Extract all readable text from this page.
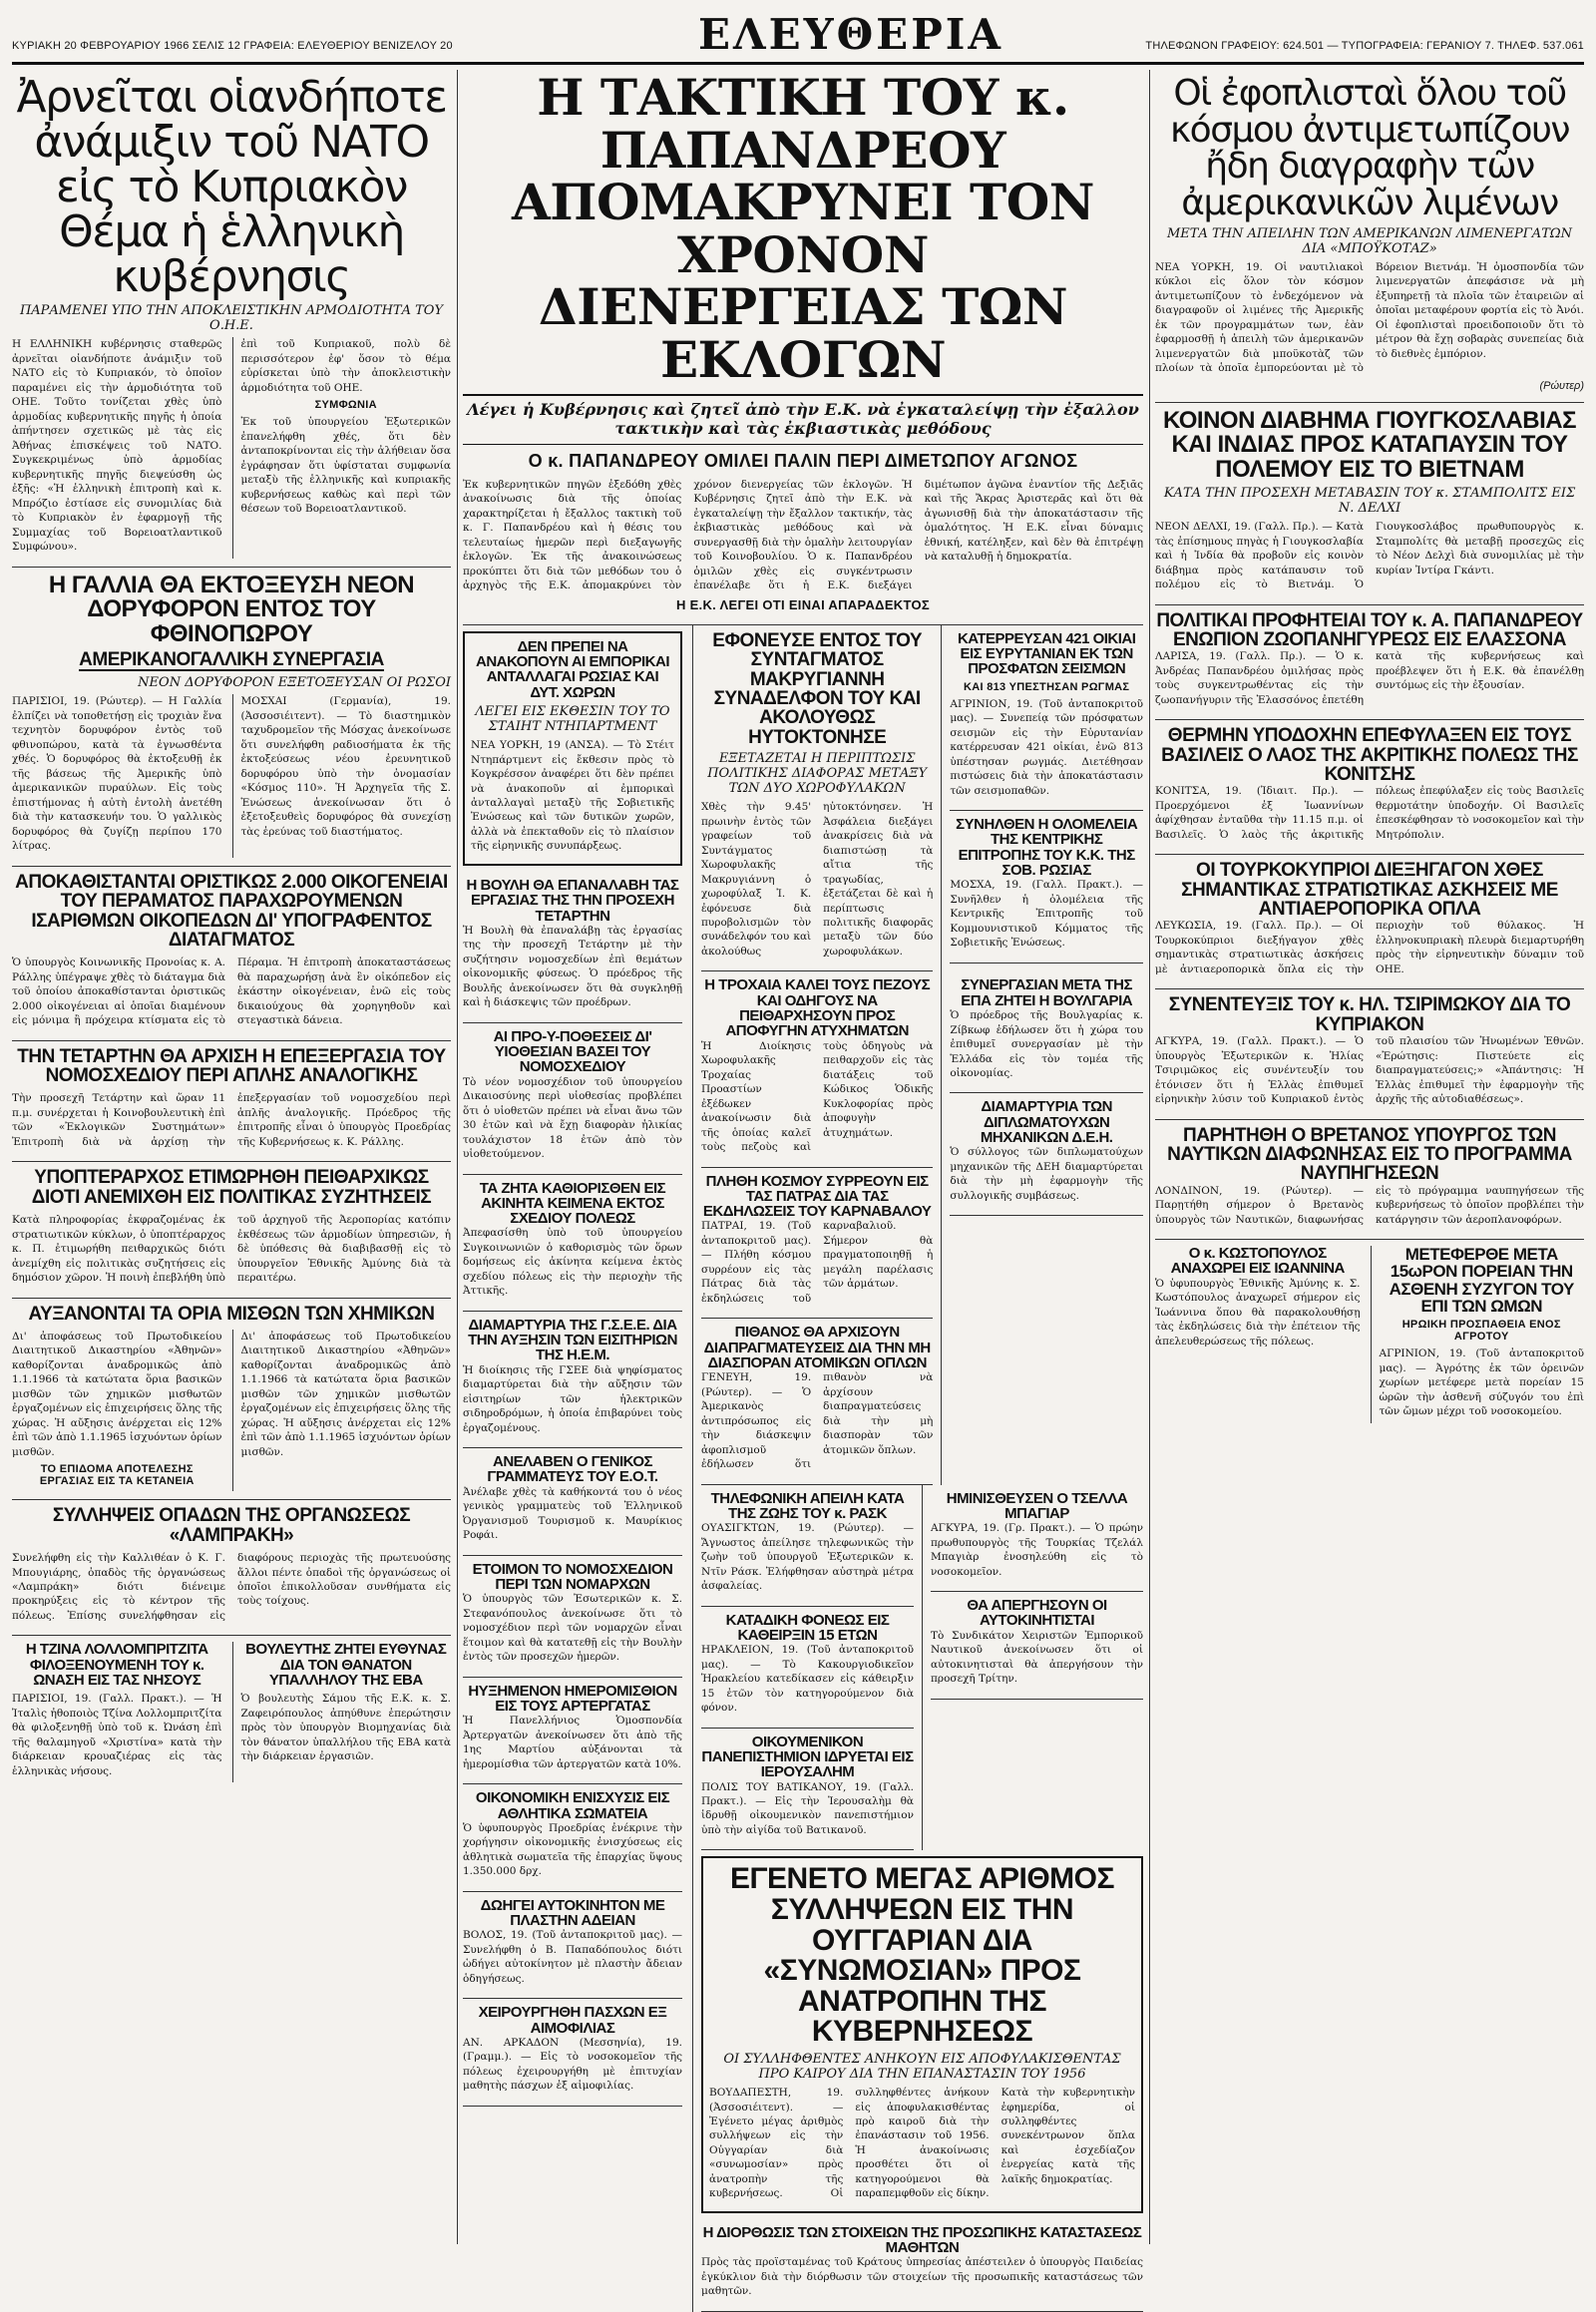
ΚΥΡΙΑΚΗ 20 ΦΕΒΡΟΥΑΡΙΟΥ 1966 ΣΕΛΙΣ 12 ΓΡΑΦΕΙΑ: ΕΛΕΥΘΕΡΙΟΥ ΒΕΝΙΖΕΛΟΥ 20	ΕΛΕΥΘΕΡΙΑ	ΤΗΛΕΦΩΝΟΝ ΓΡΑΦΕΙΟΥ: 624.501 — ΤΥΠΟΓΡΑΦΕΙΑ: ΓΕΡΑΝΙΟΥ 7. ΤΗΛΕΦ. 537.061
Ἀρνεῖται οἱανδήποτε ἀνάμιξιν τοῦ ΝΑΤΟ εἰς τὸ Κυπριακὸν Θέμα ἡ ἑλληνικὴ κυβέρνησις
ΠΑΡΑΜΕΝΕΙ ΥΠΟ ΤΗΝ ΑΠΟΚΛΕΙΣΤΙΚΗΝ ΑΡΜΟΔΙΟΤΗΤΑ ΤΟΥ Ο.Η.Ε.

Η ΕΛΛΗΝΙΚΗ κυβέρνησις σταθερῶς ἀρνεῖται οἱανδήποτε ἀνάμιξιν τοῦ ΝΑΤΟ εἰς τὸ Κυπριακόν, τὸ ὁποῖον παραμένει εἰς τὴν ἀρμοδιότητα τοῦ ΟΗΕ. Τοῦτο τονίζεται χθὲς ὑπὸ ἁρμοδίας κυβερνητικῆς πηγῆς ἡ ὁποία ἀπήντησεν σχετικῶς μὲ τὰς εἰς Ἀθήνας ἐπισκέψεις τοῦ ΝΑΤΟ. Συγκεκριμένως ὑπὸ ἁρμοδίας κυβερνητικῆς πηγῆς διεψεύσθη ὡς ἐξῆς: «Ἡ ἑλληνικὴ ἐπιτροπὴ καὶ κ. Μπρόζιο ἐστίασε εἰς συνομιλίας διὰ τὸ Κυπριακὸν ἐν ἐφαρμογῇ τῆς Συμμαχίας τοῦ Βορειοατλαντικοῦ Συμφώνου».

ἐπὶ τοῦ Κυπριακοῦ, πολὺ δὲ περισσότερον ἐφ' ὅσον τὸ θέμα εὑρίσκεται ὑπὸ τὴν ἀποκλειστικὴν ἁρμοδιότητα τοῦ ΟΗΕ.

ΣΥΜΦΩΝΙΑ

Ἐκ τοῦ ὑπουργείου Ἐξωτερικῶν ἐπανελήφθη χθές, ὅτι δὲν ἀνταποκρίνονται εἰς τὴν ἀλήθειαν ὅσα ἐγράφησαν ὅτι ὑφίσταται συμφωνία μεταξὺ τῆς ἑλληνικῆς καὶ κυπριακῆς κυβερνήσεως καθὼς καὶ περὶ τῶν θέσεων τοῦ Βορειοατλαντικοῦ.

Η ΓΑΛΛΙΑ ΘΑ ΕΚΤΟΞΕΥΣΗ ΝΕΟΝ ΔΟΡΥΦΟΡΟΝ ΕΝΤΟΣ ΤΟΥ ΦΘΙΝΟΠΩΡΟΥ
ΑΜΕΡΙΚΑΝΟΓΑΛΛΙΚΗ ΣΥΝΕΡΓΑΣΙΑ
ΝΕΟΝ ΔΟΡΥΦΟΡΟΝ ΕΞΕΤΟΞΕΥΣΑΝ ΟΙ ΡΩΣΟΙ

ΠΑΡΙΣΙΟΙ, 19. (Ρώυτερ). — Η Γαλλία ἐλπίζει νὰ τοποθετήσῃ εἰς τροχιὰν ἕνα τεχνητὸν δορυφόρον ἐντὸς τοῦ φθινοπώρου, κατὰ τὰ ἐγνωσθέντα χθές. Ὁ δορυφόρος θὰ ἐκτοξευθῇ ἐκ τῆς βάσεως τῆς Ἀμερικῆς ὑπὸ ἀμερικανικῶν πυραύλων. Εἰς τοὺς ἐπιστήμονας ἡ αὐτὴ ἐντολὴ ἀνετέθη διὰ τὴν κατασκευήν του. Ὁ γαλλικὸς δορυφόρος θὰ ζυγίζῃ περίπου 170 λίτρας.

ΜΟΣΧΑΙ (Γερμανία), 19. (Ἀσσοσιέιτεντ). — Τὸ διαστημικὸν ταχυδρομεῖον τῆς Μόσχας ἀνεκοίνωσε ὅτι συνελήφθη ραδιοσήματα ἐκ τῆς ἐκτοξεύσεως νέου ἐρευνητικοῦ δορυφόρου ὑπὸ τὴν ὀνομασίαν «Κόσμος 110». Ἡ Ἀρχηγεῖα τῆς Σ. Ἑνώσεως ἀνεκοίνωσαν ὅτι ὁ ἐξετοξευθεὶς δορυφόρος θὰ συνεχίσῃ τὰς ἐρεύνας τοῦ διαστήματος.

ΑΠΟΚΑΘΙΣΤΑΝΤΑΙ ΟΡΙΣΤΙΚΩΣ 2.000 ΟΙΚΟΓΕΝΕΙΑΙ ΤΟΥ ΠΕΡΑΜΑΤΟΣ ΠΑΡΑΧΩΡΟΥΜΕΝΩΝ ΙΣΑΡΙΘΜΩΝ ΟΙΚΟΠΕΔΩΝ ΔΙ' ΥΠΟΓΡΑΦΕΝΤΟΣ ΔΙΑΤΑΓΜΑΤΟΣ

Ὁ ὑπουργὸς Κοινωνικῆς Προνοίας κ. Α. Ράλλης ὑπέγραψε χθὲς τὸ διάταγμα διὰ τοῦ ὁποίου ἀποκαθίστανται ὁριστικῶς 2.000 οἰκογένειαι αἱ ὁποῖαι διαμένουν εἰς μόνιμα ἢ πρόχειρα κτίσματα εἰς τὸ Πέραμα. Ἡ ἐπιτροπὴ ἀποκαταστάσεως θὰ παραχωρήσῃ ἀνὰ ἓν οἰκόπεδον εἰς ἑκάστην οἰκογένειαν, ἐνῶ εἰς τοὺς δικαιούχους θὰ χορηγηθοῦν καὶ στεγαστικὰ δάνεια.

ΤΗΝ ΤΕΤΑΡΤΗΝ ΘΑ ΑΡΧΙΣΗ Η ΕΠΕΞΕΡΓΑΣΙΑ ΤΟΥ ΝΟΜΟΣΧΕΔΙΟΥ ΠΕΡΙ ΑΠΛΗΣ ΑΝΑΛΟΓΙΚΗΣ

Τὴν προσεχῆ Τετάρτην καὶ ὥραν 11 π.μ. συνέρχεται ἡ Κοινοβουλευτικὴ ἐπὶ τῶν «Ἐκλογικῶν Συστημάτων» Ἐπιτροπὴ διὰ νὰ ἀρχίσῃ τὴν ἐπεξεργασίαν τοῦ νομοσχεδίου περὶ ἁπλῆς ἀναλογικῆς. Πρόεδρος τῆς ἐπιτροπῆς εἶναι ὁ ὑπουργὸς Προεδρίας τῆς Κυβερνήσεως κ. Κ. Ράλλης.

ΥΠΟΠΤΕΡΑΡΧΟΣ ΕΤΙΜΩΡΗΘΗ ΠΕΙΘΑΡΧΙΚΩΣ ΔΙΟΤΙ ΑΝΕΜΙΧΘΗ ΕΙΣ ΠΟΛΙΤΙΚΑΣ ΣΥΖΗΤΗΣΕΙΣ

Κατὰ πληροφορίας ἐκφραζομένας ἐκ στρατιωτικῶν κύκλων, ὁ ὑποπτέραρχος κ. Π. ἐτιμωρήθη πειθαρχικῶς διότι ἀνεμίχθη εἰς πολιτικὰς συζητήσεις εἰς δημόσιον χῶρον. Ἡ ποινὴ ἐπεβλήθη ὑπὸ τοῦ ἀρχηγοῦ τῆς Ἀεροπορίας κατόπιν ἐκθέσεως τῶν ἁρμοδίων ὑπηρεσιῶν, ἡ δὲ ὑπόθεσις θὰ διαβιβασθῇ εἰς τὸ ὑπουργεῖον Ἐθνικῆς Ἀμύνης διὰ τὰ περαιτέρω.

ΑΥΞΑΝΟΝΤΑΙ ΤΑ ΟΡΙΑ ΜΙΣΘΩΝ ΤΩΝ ΧΗΜΙΚΩΝ

Δι' ἀποφάσεως τοῦ Πρωτοδικείου Διαιτητικοῦ Δικαστηρίου «Ἀθηνῶν» καθορίζονται ἀναδρομικῶς ἀπὸ 1.1.1966 τὰ κατώτατα ὅρια βασικῶν μισθῶν τῶν χημικῶν μισθωτῶν ἐργαζομένων εἰς ἐπιχειρήσεις ὅλης τῆς χώρας. Ἡ αὔξησις ἀνέρχεται εἰς 12% ἐπὶ τῶν ἀπὸ 1.1.1965 ἰσχυόντων ὁρίων μισθῶν.

ΤΟ ΕΠΙΔΟΜΑ ΑΠΟΤΕΛΕΣΗΣ ΕΡΓΑΣΙΑΣ ΕΙΣ ΤΑ ΚΕΤΑΝΕΙΑ

Δι' ἀποφάσεως τοῦ Πρωτοδικείου Διαιτητικοῦ Δικαστηρίου «Ἀθηνῶν» καθορίζονται ἀναδρομικῶς ἀπὸ 1.1.1966 τὰ κατώτατα ὅρια βασικῶν μισθῶν τῶν χημικῶν μισθωτῶν ἐργαζομένων εἰς ἐπιχειρήσεις ὅλης τῆς χώρας. Ἡ αὔξησις ἀνέρχεται εἰς 12% ἐπὶ τῶν ἀπὸ 1.1.1965 ἰσχυόντων ὁρίων μισθῶν.

ΣΥΛΛΗΨΕΙΣ ΟΠΑΔΩΝ ΤΗΣ ΟΡΓΑΝΩΣΕΩΣ «ΛΑΜΠΡΑΚΗ»

Συνελήφθη εἰς τὴν Καλλιθέαν ὁ Κ. Γ. Μπουγιάρης, ὀπαδὸς τῆς ὀργανώσεως «Λαμπράκη» διότι διένειμε προκηρύξεις εἰς τὸ κέντρον τῆς πόλεως. Ἐπίσης συνελήφθησαν εἰς διαφόρους περιοχὰς τῆς πρωτευούσης ἄλλοι πέντε ὀπαδοὶ τῆς ὀργανώσεως οἱ ὁποῖοι ἐπικολλοῦσαν συνθήματα εἰς τοὺς τοίχους.

Η ΤΖΙΝΑ ΛΟΛΛΟΜΠΡΙΤΖΙΤΑ ΦΙΛΟΞΕΝΟΥΜΕΝΗ ΤΟΥ κ. ΩΝΑΣΗ ΕΙΣ ΤΑΣ ΝΗΣΟΥΣ

ΠΑΡΙΣΙΟΙ, 19. (Γαλλ. Πρακτ.). — Ἡ Ἰταλὶς ἠθοποιὸς Τζίνα Λολλομπριτζίτα θὰ φιλοξενηθῇ ὑπὸ τοῦ κ. Ὠνάση ἐπὶ τῆς θαλαμηγοῦ «Χριστίνα» κατὰ τὴν διάρκειαν κρουαζιέρας εἰς τὰς ἑλληνικὰς νήσους.

ΒΟΥΛΕΥΤΗΣ ΖΗΤΕΙ ΕΥΘΥΝΑΣ ΔΙΑ ΤΟΝ ΘΑΝΑΤΟΝ ΥΠΑΛΛΗΛΟΥ ΤΗΣ ΕΒΑ

Ὁ βουλευτὴς Σάμου τῆς Ε.Κ. κ. Σ. Ζαφειρόπουλος ἀπηύθυνε ἐπερώτησιν πρὸς τὸν ὑπουργὸν Βιομηχανίας διὰ τὸν θάνατον ὑπαλλήλου τῆς ΕΒΑ κατὰ τὴν διάρκειαν ἐργασιῶν.

Η ΤΑΚΤΙΚΗ ΤΟΥ κ. ΠΑΠΑΝΔΡΕΟΥ
ΑΠΟΜΑΚΡΥΝΕΙ ΤΟΝ ΧΡΟΝΟΝ
ΔΙΕΝΕΡΓΕΙΑΣ ΤΩΝ ΕΚΛΟΓΩΝ
Λέγει ἡ Κυβέρνησις καὶ ζητεῖ ἀπὸ τὴν Ε.Κ. νὰ ἐγκαταλείψῃ τὴν ἐξαλλον τακτικὴν καὶ τὰς ἐκβιαστικὰς μεθόδους
Ο κ. ΠΑΠΑΝΔΡΕΟΥ ΟΜΙΛΕΙ ΠΑΛΙΝ ΠΕΡΙ ΔΙΜΕΤΩΠΟΥ ΑΓΩΝΟΣ

Ἐκ κυβερνητικῶν πηγῶν ἐξεδόθη χθὲς ἀνακοίνωσις διὰ τῆς ὁποίας χαρακτηρίζεται ἡ ἔξαλλος τακτικὴ τοῦ κ. Γ. Παπανδρέου καὶ ἡ θέσις του τελευταίως ἡμερῶν περὶ διεξαγωγῆς ἐκλογῶν. Ἐκ τῆς ἀνακοινώσεως προκύπτει ὅτι διὰ τῶν μεθόδων του ὁ ἀρχηγὸς τῆς Ε.Κ. ἀπομακρύνει τὸν χρόνον διενεργείας τῶν ἐκλογῶν. Ἡ Κυβέρνησις ζητεῖ ἀπὸ τὴν Ε.Κ. νὰ ἐγκαταλείψῃ τὴν ἔξαλλον τακτικήν, τὰς ἐκβιαστικὰς μεθόδους καὶ νὰ συνεργασθῇ διὰ τὴν ὁμαλὴν λειτουργίαν τοῦ Κοινοβουλίου. Ὁ κ. Παπανδρέου ὁμιλῶν χθὲς εἰς συγκέντρωσιν ἐπανέλαβε ὅτι ἡ Ε.Κ. διεξάγει διμέτωπον ἀγῶνα ἐναντίον τῆς Δεξιᾶς καὶ τῆς Ἄκρας Ἀριστερᾶς καὶ ὅτι θὰ ἀγωνισθῇ διὰ τὴν ἀποκατάστασιν τῆς ὁμαλότητος. Ἡ Ε.Κ. εἶναι δύναμις ἐθνική, κατέληξεν, καὶ δὲν θὰ ἐπιτρέψῃ νὰ καταλυθῇ ἡ δημοκρατία.

Η Ε.Κ. ΛΕΓΕΙ ΟΤΙ ΕΙΝΑΙ ΑΠΑΡΑΔΕΚΤΟΣ
ΔΕΝ ΠΡΕΠΕΙ ΝΑ ΑΝΑΚΟΠΟΥΝ ΑΙ ΕΜΠΟΡΙΚΑΙ ΑΝΤΑΛΛΑΓΑΙ ΡΩΣΙΑΣ ΚΑΙ ΔΥΤ. ΧΩΡΩΝ
ΛΕΓΕΙ ΕΙΣ ΕΚΘΕΣΙΝ ΤΟΥ ΤΟ ΣΤΑΙΗΤ ΝΤΗΠΑΡΤΜΕΝΤ

ΝΕΑ ΥΟΡΚΗ, 19 (ΑΝΣΑ). — Τὸ Στέιτ Ντηπάρτμεντ εἰς ἔκθεσιν πρὸς τὸ Κογκρέσσον ἀναφέρει ὅτι δὲν πρέπει νὰ ἀνακοποῦν αἱ ἐμπορικαὶ ἀνταλλαγαὶ μεταξὺ τῆς Σοβιετικῆς Ἑνώσεως καὶ τῶν δυτικῶν χωρῶν, ἀλλὰ νὰ ἐπεκταθοῦν εἰς τὸ πλαίσιον τῆς εἰρηνικῆς συνυπάρξεως.

Η ΒΟΥΛΗ ΘΑ ΕΠΑΝΑΛΑΒΗ ΤΑΣ ΕΡΓΑΣΙΑΣ ΤΗΣ ΤΗΝ ΠΡΟΣΕΧΗ ΤΕΤΑΡΤΗΝ

Ἡ Βουλὴ θὰ ἐπαναλάβῃ τὰς ἐργασίας της τὴν προσεχῆ Τετάρτην μὲ τὴν συζήτησιν νομοσχεδίων ἐπὶ θεμάτων οἰκονομικῆς φύσεως. Ὁ πρόεδρος τῆς Βουλῆς ἀνεκοίνωσεν ὅτι θὰ συγκληθῇ καὶ ἡ διάσκεψις τῶν προέδρων.

ΑΙ ΠΡΟ-Υ-ΠΟΘΕΣΕΙΣ ΔΙ' ΥΙΟΘΕΣΙΑΝ ΒΑΣΕΙ ΤΟΥ ΝΟΜΟΣΧΕΔΙΟΥ

Τὸ νέον νομοσχέδιον τοῦ ὑπουργείου Δικαιοσύνης περὶ υἱοθεσίας προβλέπει ὅτι ὁ υἱοθετῶν πρέπει νὰ εἶναι ἄνω τῶν 30 ἐτῶν καὶ νὰ ἔχῃ διαφορὰν ἡλικίας τουλάχιστον 18 ἐτῶν ἀπὸ τὸν υἱοθετούμενον.

ΤΑ ΖΗΤΑ ΚΑΘΙΟΡΙΣΘΕΝ ΕΙΣ ΑΚΙΝΗΤΑ ΚΕΙΜΕΝΑ ΕΚΤΟΣ ΣΧΕΔΙΟΥ ΠΟΛΕΩΣ

Ἀπεφασίσθη ὑπὸ τοῦ ὑπουργείου Συγκοινωνιῶν ὁ καθορισμὸς τῶν ὅρων δομήσεως εἰς ἀκίνητα κείμενα ἐκτὸς σχεδίου πόλεως εἰς τὴν περιοχὴν τῆς Ἀττικῆς.

ΔΙΑΜΑΡΤΥΡΙΑ ΤΗΣ Γ.Σ.Ε.Ε. ΔΙΑ ΤΗΝ ΑΥΞΗΣΙΝ ΤΩΝ ΕΙΣΙΤΗΡΙΩΝ ΤΗΣ Η.Ε.Μ.

Ἡ διοίκησις τῆς ΓΣΕΕ διὰ ψηφίσματος διαμαρτύρεται διὰ τὴν αὔξησιν τῶν εἰσιτηρίων τῶν ἠλεκτρικῶν σιδηροδρόμων, ἡ ὁποία ἐπιβαρύνει τοὺς ἐργαζομένους.

ΑΝΕΛΑΒΕΝ Ο ΓΕΝΙΚΟΣ ΓΡΑΜΜΑΤΕΥΣ ΤΟΥ Ε.Ο.Τ.

Ἀνέλαβε χθὲς τὰ καθήκοντά του ὁ νέος γενικὸς γραμματεὺς τοῦ Ἑλληνικοῦ Ὀργανισμοῦ Τουρισμοῦ κ. Μαυρίκιος Ροφάι.

ΕΤΟΙΜΟΝ ΤΟ ΝΟΜΟΣΧΕΔΙΟΝ ΠΕΡΙ ΤΩΝ ΝΟΜΑΡΧΩΝ

Ὁ ὑπουργὸς τῶν Ἐσωτερικῶν κ. Σ. Στεφανόπουλος ἀνεκοίνωσε ὅτι τὸ νομοσχέδιον περὶ τῶν νομαρχῶν εἶναι ἕτοιμον καὶ θὰ κατατεθῇ εἰς τὴν Βουλὴν ἐντὸς τῶν προσεχῶν ἡμερῶν.

ΗΥΞΗΜΕΝΟΝ ΗΜΕΡΟΜΙΣΘΙΟΝ ΕΙΣ ΤΟΥΣ ΑΡΤΕΡΓΑΤΑΣ

Ἡ Πανελλήνιος Ὁμοσπονδία Ἀρτεργατῶν ἀνεκοίνωσεν ὅτι ἀπὸ τῆς 1ης Μαρτίου αὐξάνονται τὰ ἡμερομίσθια τῶν ἀρτεργατῶν κατὰ 10%.

ΟΙΚΟΝΟΜΙΚΗ ΕΝΙΣΧΥΣΙΣ ΕΙΣ ΑΘΛΗΤΙΚΑ ΣΩΜΑΤΕΙΑ

Ὁ ὑφυπουργὸς Προεδρίας ἐνέκρινε τὴν χορήγησιν οἰκονομικῆς ἐνισχύσεως εἰς ἀθλητικὰ σωματεῖα τῆς ἐπαρχίας ὕψους 1.350.000 δρχ.

ΔΩΗΓΕΙ ΑΥΤΟΚΙΝΗΤΟΝ ΜΕ ΠΛΑΣΤΗΝ ΑΔΕΙΑΝ

ΒΟΛΟΣ, 19. (Τοῦ ἀνταποκριτοῦ μας). — Συνελήφθη ὁ Β. Παπαδόπουλος διότι ὡδήγει αὐτοκίνητον μὲ πλαστὴν ἄδειαν ὁδηγήσεως.

ΧΕΙΡΟΥΡΓΗΘΗ ΠΑΣΧΩΝ ΕΞ ΑΙΜΟΦΙΛΙΑΣ

ΑΝ. ΑΡΚΑΔΟΝ (Μεσσηνία), 19. (Γραμμ.). — Εἰς τὸ νοσοκομεῖον τῆς πόλεως ἐχειρουργήθη μὲ ἐπιτυχίαν μαθητὴς πάσχων ἐξ αἱμοφιλίας.

ΕΦΟΝΕΥΣΕ ΕΝΤΟΣ ΤΟΥ ΣΥΝΤΑΓΜΑΤΟΣ ΜΑΚΡΥΓΙΑΝΝΗ ΣΥΝΑΔΕΛΦΟΝ ΤΟΥ ΚΑΙ ΑΚΟΛΟΥΘΩΣ ΗΥΤΟΚΤΟΝΗΣΕ
ΕΞΕΤΑΖΕΤΑΙ Η ΠΕΡΙΠΤΩΣΙΣ ΠΟΛΙΤΙΚΗΣ ΔΙΑΦΟΡΑΣ ΜΕΤΑΞΥ ΤΩΝ ΔΥΟ ΧΩΡΟΦΥΛΑΚΩΝ

Χθὲς τὴν 9.45' πρωινὴν ἐντὸς τῶν γραφείων τοῦ Συντάγματος Χωροφυλακῆς Μακρυγιάννη ὁ χωροφύλαξ Ἰ. Κ. ἐφόνευσε διὰ πυροβολισμῶν τὸν συνάδελφόν του καὶ ἀκολούθως ηὐτοκτόνησεν. Ἡ Ἀσφάλεια διεξάγει ἀνακρίσεις διὰ νὰ διαπιστώσῃ τὰ αἴτια τῆς τραγωδίας, ἐξετάζεται δὲ καὶ ἡ περίπτωσις πολιτικῆς διαφορᾶς μεταξὺ τῶν δύο χωροφυλάκων.

ΚΑΤΕΡΡΕΥΣΑΝ 421 ΟΙΚΙΑΙ ΕΙΣ ΕΥΡΥΤΑΝΙΑΝ ΕΚ ΤΩΝ ΠΡΟΣΦΑΤΩΝ ΣΕΙΣΜΩΝ
ΚΑΙ 813 ΥΠΕΣΤΗΣΑΝ ΡΩΓΜΑΣ

ΑΓΡΙΝΙΟΝ, 19. (Τοῦ ἀνταποκριτοῦ μας). — Συνεπείᾳ τῶν πρόσφατων σεισμῶν εἰς τὴν Εὐρυτανίαν κατέρρευσαν 421 οἰκίαι, ἐνῶ 813 ὑπέστησαν ρωγμάς. Διετέθησαν πιστώσεις διὰ τὴν ἀποκατάστασιν τῶν σεισμοπαθῶν.

ΣΥΝΗΛΘΕΝ Η ΟΛΟΜΕΛΕΙΑ ΤΗΣ ΚΕΝΤΡΙΚΗΣ ΕΠΙΤΡΟΠΗΣ ΤΟΥ Κ.Κ. ΤΗΣ ΣΟΒ. ΡΩΣΙΑΣ

ΜΟΣΧΑ, 19. (Γαλλ. Πρακτ.). — Συνῆλθεν ἡ ὀλομέλεια τῆς Κεντρικῆς Ἐπιτροπῆς τοῦ Κομμουνιστικοῦ Κόμματος τῆς Σοβιετικῆς Ἑνώσεως.

Η ΤΡΟΧΑΙΑ ΚΑΛΕΙ ΤΟΥΣ ΠΕΖΟΥΣ ΚΑΙ ΟΔΗΓΟΥΣ ΝΑ ΠΕΙΘΑΡΧΗΣΟΥΝ ΠΡΟΣ ΑΠΟΦΥΓΗΝ ΑΤΥΧΗΜΑΤΩΝ

Ἡ Διοίκησις Χωροφυλακῆς Τροχαίας Προαστίων ἐξέδωκεν ἀνακοίνωσιν διὰ τῆς ὁποίας καλεῖ τοὺς πεζοὺς καὶ τοὺς ὁδηγοὺς νὰ πειθαρχοῦν εἰς τὰς διατάξεις τοῦ Κώδικος Ὁδικῆς Κυκλοφορίας πρὸς ἀποφυγὴν ἀτυχημάτων.

ΠΛΗΘΗ ΚΟΣΜΟΥ ΣΥΡΡΕΟΥΝ ΕΙΣ ΤΑΣ ΠΑΤΡΑΣ ΔΙΑ ΤΑΣ ΕΚΔΗΛΩΣΕΙΣ ΤΟΥ ΚΑΡΝΑΒΑΛΟΥ

ΠΑΤΡΑΙ, 19. (Τοῦ ἀνταποκριτοῦ μας). — Πλήθη κόσμου συρρέουν εἰς τὰς Πάτρας διὰ τὰς ἐκδηλώσεις τοῦ καρναβαλιοῦ. Σήμερον θὰ πραγματοποιηθῇ ἡ μεγάλη παρέλασις τῶν ἁρμάτων.

ΠΙΘΑΝΟΣ ΘΑ ΑΡΧΙΣΟΥΝ ΔΙΑΠΡΑΓΜΑΤΕΥΣΕΙΣ ΔΙΑ ΤΗΝ ΜΗ ΔΙΑΣΠΟΡΑΝ ΑΤΟΜΙΚΩΝ ΟΠΛΩΝ

ΓΕΝΕΥΗ, 19. (Ρώυτερ). — Ὁ Ἀμερικανὸς ἀντιπρόσωπος εἰς τὴν διάσκεψιν ἀφοπλισμοῦ ἐδήλωσεν ὅτι πιθανὸν νὰ ἀρχίσουν διαπραγματεύσεις διὰ τὴν μὴ διασπορὰν τῶν ἀτομικῶν ὅπλων.

ΣΥΝΕΡΓΑΣΙΑΝ ΜΕΤΑ ΤΗΣ ΕΠΑ ΖΗΤΕΙ Η ΒΟΥΛΓΑΡΙΑ

Ὁ πρόεδρος τῆς Βουλγαρίας κ. Ζίβκωφ ἐδήλωσεν ὅτι ἡ χώρα του ἐπιθυμεῖ συνεργασίαν μὲ τὴν Ἑλλάδα εἰς τὸν τομέα τῆς οἰκονομίας.

ΔΙΑΜΑΡΤΥΡΙΑ ΤΩΝ ΔΙΠΛΩΜΑΤΟΥΧΩΝ ΜΗΧΑΝΙΚΩΝ Δ.Ε.Η.

Ὁ σύλλογος τῶν διπλωματούχων μηχανικῶν τῆς ΔΕΗ διαμαρτύρεται διὰ τὴν μὴ ἐφαρμογὴν τῆς συλλογικῆς συμβάσεως.

ΤΗΛΕΦΩΝΙΚΗ ΑΠΕΙΛΗ ΚΑΤΑ ΤΗΣ ΖΩΗΣ ΤΟΥ κ. ΡΑΣΚ

ΟΥΑΣΙΓΚΤΩΝ, 19. (Ρώυτερ). — Ἄγνωστος ἀπείλησε τηλεφωνικῶς τὴν ζωὴν τοῦ ὑπουργοῦ Ἐξωτερικῶν κ. Ντῖν Ράσκ. Ἐλήφθησαν αὐστηρὰ μέτρα ἀσφαλείας.

ΚΑΤΑΔΙΚΗ ΦΟΝΕΩΣ ΕΙΣ ΚΑΘΕΙΡΞΙΝ 15 ΕΤΩΝ

ΗΡΑΚΛΕΙΟΝ, 19. (Τοῦ ἀνταποκριτοῦ μας). — Τὸ Κακουργιοδικεῖον Ἡρακλείου κατεδίκασεν εἰς κάθειρξιν 15 ἐτῶν τὸν κατηγορούμενον διὰ φόνον.

ΟΙΚΟΥΜΕΝΙΚΟΝ ΠΑΝΕΠΙΣΤΗΜΙΟΝ ΙΔΡΥΕΤΑΙ ΕΙΣ ΙΕΡΟΥΣΑΛΗΜ

ΠΟΛΙΣ ΤΟΥ ΒΑΤΙΚΑΝΟΥ, 19. (Γαλλ. Πρακτ.). — Εἰς τὴν Ἱερουσαλὴμ θὰ ἱδρυθῇ οἰκουμενικὸν πανεπιστήμιον ὑπὸ τὴν αἰγίδα τοῦ Βατικανοῦ.

ΗΜΙΝΙΣΘΕΥΣΕΝ Ο ΤΣΕΛΛΑ ΜΠΑΓΙΑΡ

ΑΓΚΥΡΑ, 19. (Γρ. Πρακτ.). — Ὁ πρώην πρωθυπουργὸς τῆς Τουρκίας Τζελάλ Μπαγιὰρ ἐνοσηλεύθη εἰς τὸ νοσοκομεῖον.

ΘΑ ΑΠΕΡΓΗΣΟΥΝ ΟΙ ΑΥΤΟΚΙΝΗΤΙΣΤΑΙ

Τὸ Συνδικάτον Χειριστῶν Ἐμπορικοῦ Ναυτικοῦ ἀνεκοίνωσεν ὅτι οἱ αὐτοκινητισταὶ θὰ ἀπεργήσουν τὴν προσεχῆ Τρίτην.

ΕΓΕΝΕΤΟ ΜΕΓΑΣ ΑΡΙΘΜΟΣ ΣΥΛΛΗΨΕΩΝ ΕΙΣ ΤΗΝ ΟΥΓΓΑΡΙΑΝ ΔΙΑ «ΣΥΝΩΜΟΣΙΑΝ» ΠΡΟΣ ΑΝΑΤΡΟΠΗΝ ΤΗΣ ΚΥΒΕΡΝΗΣΕΩΣ
ΟΙ ΣΥΛΛΗΦΘΕΝΤΕΣ ΑΝΗΚΟΥΝ ΕΙΣ ΑΠΟΦΥΛΑΚΙΣΘΕΝΤΑΣ ΠΡΟ ΚΑΙΡΟΥ ΔΙΑ ΤΗΝ ΕΠΑΝΑΣΤΑΣΙΝ ΤΟΥ 1956

ΒΟΥΔΑΠΕΣΤΗ, 19. (Ἀσσοσιέιτεντ). — Ἐγένετο μέγας ἀριθμὸς συλλήψεων εἰς τὴν Οὐγγαρίαν διὰ «συνωμοσίαν» πρὸς ἀνατροπὴν τῆς κυβερνήσεως. Οἱ συλληφθέντες ἀνήκουν εἰς ἀποφυλακισθέντας πρὸ καιροῦ διὰ τὴν ἐπανάστασιν τοῦ 1956. Ἡ ἀνακοίνωσις προσθέτει ὅτι οἱ κατηγορούμενοι θὰ παραπεμφθοῦν εἰς δίκην. Κατὰ τὴν κυβερνητικὴν ἐφημερίδα, οἱ συλληφθέντες συνεκέντρωνον ὅπλα καὶ ἐσχεδίαζον ἐνεργείας κατὰ τῆς λαϊκῆς δημοκρατίας.

Η ΔΙΟΡΘΩΣΙΣ ΤΩΝ ΣΤΟΙΧΕΙΩΝ ΤΗΣ ΠΡΟΣΩΠΙΚΗΣ ΚΑΤΑΣΤΑΣΕΩΣ ΜΑΘΗΤΩΝ

Πρὸς τὰς προϊσταμένας τοῦ Κράτους ὑπηρεσίας ἀπέστειλεν ὁ ὑπουργὸς Παιδείας ἐγκύκλιον διὰ τὴν διόρθωσιν τῶν στοιχείων τῆς προσωπικῆς καταστάσεως τῶν μαθητῶν.

Οἱ ἐφοπλισταὶ ὅλου τοῦ κόσμου ἀντιμετωπίζουν ἤδη διαγραφὴν τῶν ἀμερικανικῶν λιμένων
ΜΕΤΑ ΤΗΝ ΑΠΕΙΛΗΝ ΤΩΝ ΑΜΕΡΙΚΑΝΩΝ ΛΙΜΕΝΕΡΓΑΤΩΝ ΔΙΑ «ΜΠΟΫΚΟΤΑΖ»

ΝΕΑ ΥΟΡΚΗ, 19. Οἱ ναυτιλιακοὶ κύκλοι εἰς ὅλον τὸν κόσμον ἀντιμετωπίζουν τὸ ἐνδεχόμενον νὰ διαγραφοῦν οἱ λιμένες τῆς Ἀμερικῆς ἐκ τῶν προγραμμάτων των, ἐὰν ἐφαρμοσθῇ ἡ ἀπειλὴ τῶν ἀμερικανῶν λιμενεργατῶν διὰ μποϋκοτὰζ τῶν πλοίων τὰ ὁποῖα ἐμπορεύονται μὲ τὸ Βόρειον Βιετνάμ. Ἡ ὁμοσπονδία τῶν λιμενεργατῶν ἀπεφάσισε νὰ μὴ ἐξυπηρετῇ τὰ πλοῖα τῶν ἐταιρειῶν αἱ ὁποῖαι μεταφέρουν φορτία εἰς τὸ Ἀνόι. Οἱ ἐφοπλισταὶ προειδοποιοῦν ὅτι τὸ μέτρον θὰ ἔχῃ σοβαρὰς συνεπείας διὰ τὸ διεθνὲς ἐμπόριον.

(Ρώυτερ)
ΚΟΙΝΟΝ ΔΙΑΒΗΜΑ ΓΙΟΥΓΚΟΣΛΑΒΙΑΣ ΚΑΙ ΙΝΔΙΑΣ ΠΡΟΣ ΚΑΤΑΠΑΥΣΙΝ ΤΟΥ ΠΟΛΕΜΟΥ ΕΙΣ ΤΟ ΒΙΕΤΝΑΜ
ΚΑΤΑ ΤΗΝ ΠΡΟΣΕΧΗ ΜΕΤΑΒΑΣΙΝ ΤΟΥ κ. ΣΤΑΜΠΟΛΙΤΣ ΕΙΣ Ν. ΔΕΛΧΙ

ΝΕΟΝ ΔΕΛΧΙ, 19. (Γαλλ. Πρ.). — Κατὰ τὰς ἐπίσημους πηγὰς ἡ Γιουγκοσλαβία καὶ ἡ Ἰνδία θὰ προβοῦν εἰς κοινὸν διάβημα πρὸς κατάπαυσιν τοῦ πολέμου εἰς τὸ Βιετνάμ. Ὁ Γιουγκοσλάβος πρωθυπουργὸς κ. Σταμπολίτς θὰ μεταβῇ προσεχῶς εἰς τὸ Νέον Δελχὶ διὰ συνομιλίας μὲ τὴν κυρίαν Ἰντίρα Γκάντι.

ΠΟΛΙΤΙΚΑΙ ΠΡΟΦΗΤΕΙΑΙ ΤΟΥ κ. Α. ΠΑΠΑΝΔΡΕΟΥ ΕΝΩΠΙΟΝ ΖΩΟΠΑΝΗΓΥΡΕΩΣ ΕΙΣ ΕΛΑΣΣΟΝΑ

ΛΑΡΙΣΑ, 19. (Γαλλ. Πρ.). — Ὁ κ. Ἀνδρέας Παπανδρέου ὁμιλήσας πρὸς τοὺς συγκεντρωθέντας εἰς τὴν ζωοπανήγυριν τῆς Ἐλασσόνος ἐπετέθη κατὰ τῆς κυβερνήσεως καὶ προέβλεψεν ὅτι ἡ Ε.Κ. θὰ ἐπανέλθῃ συντόμως εἰς τὴν ἐξουσίαν.

ΘΕΡΜΗΝ ΥΠΟΔΟΧΗΝ ΕΠΕΦΥΛΑΞΕΝ ΕΙΣ ΤΟΥΣ ΒΑΣΙΛΕΙΣ Ο ΛΑΟΣ ΤΗΣ ΑΚΡΙΤΙΚΗΣ ΠΟΛΕΩΣ ΤΗΣ ΚΟΝΙΤΣΗΣ

ΚΟΝΙΤΣΑ, 19. (Ἰδιαιτ. Πρ.). — Προερχόμενοι ἐξ Ἰωαννίνων ἀφίχθησαν ἐνταῦθα τὴν 11.15 π.μ. οἱ Βασιλεῖς. Ὁ λαὸς τῆς ἀκριτικῆς πόλεως ἐπεφύλαξεν εἰς τοὺς Βασιλεῖς θερμοτάτην ὑποδοχήν. Οἱ Βασιλεῖς ἐπεσκέφθησαν τὸ νοσοκομεῖον καὶ τὴν Μητρόπολιν.

ΟΙ ΤΟΥΡΚΟΚΥΠΡΙΟΙ ΔΙΕΞΗΓΑΓΟΝ ΧΘΕΣ ΣΗΜΑΝΤΙΚΑΣ ΣΤΡΑΤΙΩΤΙΚΑΣ ΑΣΚΗΣΕΙΣ ΜΕ ΑΝΤΙΑΕΡΟΠΟΡΙΚΑ ΟΠΛΑ

ΛΕΥΚΩΣΙΑ, 19. (Γαλλ. Πρ.). — Οἱ Τουρκοκύπριοι διεξήγαγον χθὲς σημαντικὰς στρατιωτικὰς ἀσκήσεις μὲ ἀντιαεροπορικὰ ὅπλα εἰς τὴν περιοχὴν τοῦ θύλακος. Ἡ ἑλληνοκυπριακὴ πλευρὰ διεμαρτυρήθη πρὸς τὴν εἰρηνευτικὴν δύναμιν τοῦ ΟΗΕ.

ΣΥΝΕΝΤΕΥΞΙΣ ΤΟΥ κ. ΗΛ. ΤΣΙΡΙΜΩΚΟΥ ΔΙΑ ΤΟ ΚΥΠΡΙΑΚΟΝ

ΑΓΚΥΡΑ, 19. (Γαλλ. Πρακτ.). — Ὁ ὑπουργὸς Ἐξωτερικῶν κ. Ἠλίας Τσιριμῶκος εἰς συνέντευξίν του ἐτόνισεν ὅτι ἡ Ἑλλὰς ἐπιθυμεῖ εἰρηνικὴν λύσιν τοῦ Κυπριακοῦ ἐντὸς τοῦ πλαισίου τῶν Ἡνωμένων Ἐθνῶν. «Ἐρώτησις: Πιστεύετε εἰς διαπραγματεύσεις;» «Ἀπάντησις: Ἡ Ἑλλὰς ἐπιθυμεῖ τὴν ἐφαρμογὴν τῆς ἀρχῆς τῆς αὐτοδιαθέσεως».

ΠΑΡΗΤΗΘΗ Ο ΒΡΕΤΑΝΟΣ ΥΠΟΥΡΓΟΣ ΤΩΝ ΝΑΥΤΙΚΩΝ ΔΙΑΦΩΝΗΣΑΣ ΕΙΣ ΤΟ ΠΡΟΓΡΑΜΜΑ ΝΑΥΠΗΓΗΣΕΩΝ

ΛΟΝΔΙΝΟΝ, 19. (Ρώυτερ). — Παρῃτήθη σήμερον ὁ Βρετανὸς ὑπουργὸς τῶν Ναυτικῶν, διαφωνήσας εἰς τὸ πρόγραμμα ναυπηγήσεων τῆς κυβερνήσεως τὸ ὁποῖον προβλέπει τὴν κατάργησιν τῶν ἀεροπλανοφόρων.

Ο κ. ΚΩΣΤΟΠΟΥΛΟΣ ΑΝΑΧΩΡΕΙ ΕΙΣ ΙΩΑΝΝΙΝΑ

Ὁ ὑφυπουργὸς Ἐθνικῆς Ἀμύνης κ. Σ. Κωστόπουλος ἀναχωρεῖ σήμερον εἰς Ἰωάννινα ὅπου θὰ παρακολουθήσῃ τὰς ἐκδηλώσεις διὰ τὴν ἐπέτειον τῆς ἀπελευθερώσεως τῆς πόλεως.

ΜΕΤΕΦΕΡΘΕ ΜΕΤΑ 15ωΡΟΝ ΠΟΡΕΙΑΝ ΤΗΝ ΑΣΘΕΝΗ ΣΥΖΥΓΟΝ ΤΟΥ ΕΠΙ ΤΩΝ ΩΜΩΝ
ΗΡΩΙΚΗ ΠΡΟΣΠΑΘΕΙΑ ΕΝΟΣ ΑΓΡΟΤΟΥ

ΑΓΡΙΝΙΟΝ, 19. (Τοῦ ἀνταποκριτοῦ μας). — Ἀγρότης ἐκ τῶν ὀρεινῶν χωρίων μετέφερε μετὰ πορείαν 15 ὡρῶν τὴν ἀσθενῆ σύζυγόν του ἐπὶ τῶν ὤμων μέχρι τοῦ νοσοκομείου.
